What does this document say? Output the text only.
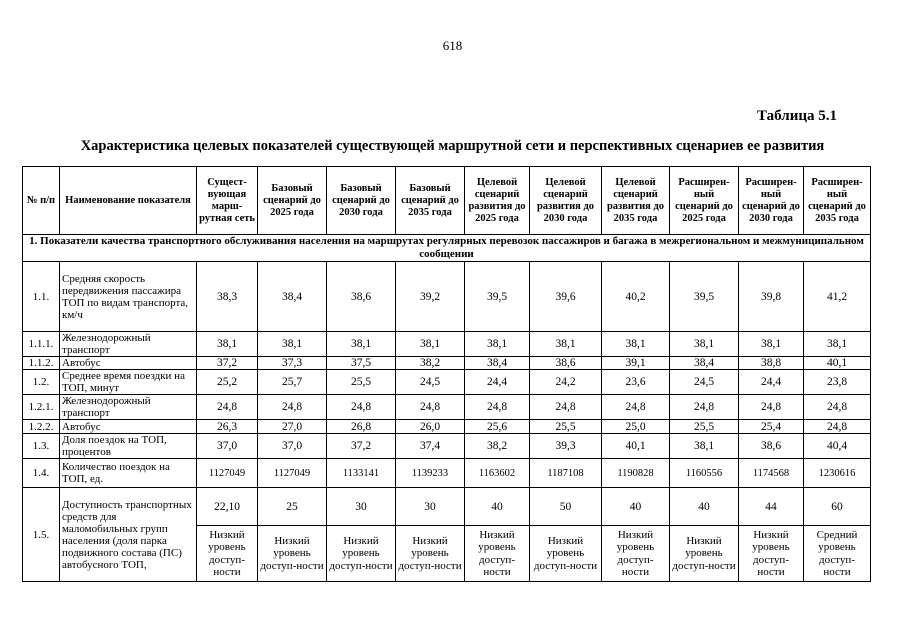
618
Таблица 5.1
Характеристика целевых показателей существующей маршрутной сети и перспективных сценариев ее развития
№ п/п	Наименование показателя	Сущест-вующая марш-рутная сеть	Базовый сценарий до 2025 года	Базовый сценарий до 2030 года	Базовый сценарий до 2035 года	Целевой сценарий развития до 2025 года	Целевой сценарий развития до 2030 года	Целевой сценарий развития до 2035 года	Расширен-ный сценарий до 2025 года	Расширен-ный сценарий до 2030 года	Расширен-ный сценарий до 2035 года
1. Показатели качества транспортного обслуживания населения на маршрутах регулярных перевозок пассажиров и багажа в межрегиональном и межмуниципальном сообщении											
1.1.	Средняя скорость передвижения пассажира ТОП по видам транспорта, км/ч	38,3	38,4	38,6	39,2	39,5	39,6	40,2	39,5	39,8	41,2
1.1.1.	Железнодорожный транспорт	38,1	38,1	38,1	38,1	38,1	38,1	38,1	38,1	38,1	38,1
1.1.2.	Автобус	37,2	37,3	37,5	38,2	38,4	38,6	39,1	38,4	38,8	40,1
1.2.	Среднее время поездки на ТОП, минут	25,2	25,7	25,5	24,5	24,4	24,2	23,6	24,5	24,4	23,8
1.2.1.	Железнодорожный транспорт	24,8	24,8	24,8	24,8	24,8	24,8	24,8	24,8	24,8	24,8
1.2.2.	Автобус	26,3	27,0	26,8	26,0	25,6	25,5	25,0	25,5	25,4	24,8
1.3.	Доля поездок на ТОП, процентов	37,0	37,0	37,2	37,4	38,2	39,3	40,1	38,1	38,6	40,4
1.4.	Количество поездок на ТОП, ед.	1127049	1127049	1133141	1139233	1163602	1187108	1190828	1160556	1174568	1230616
1.5.	Доступность транспортных средств для маломобильных групп населения (доля парка подвижного состава (ПС) автобусного ТОП,	22,10	25	30	30	40	50	40	40	44	60
		Низкий уровень доступ-ности	Низкий уровень доступ-ности	Низкий уровень доступ-ности	Низкий уровень доступ-ности	Низкий уровень доступ-ности	Низкий уровень доступ-ности	Низкий уровень доступ-ности	Низкий уровень доступ-ности	Низкий уровень доступ-ности	Средний уровень доступ-ности
